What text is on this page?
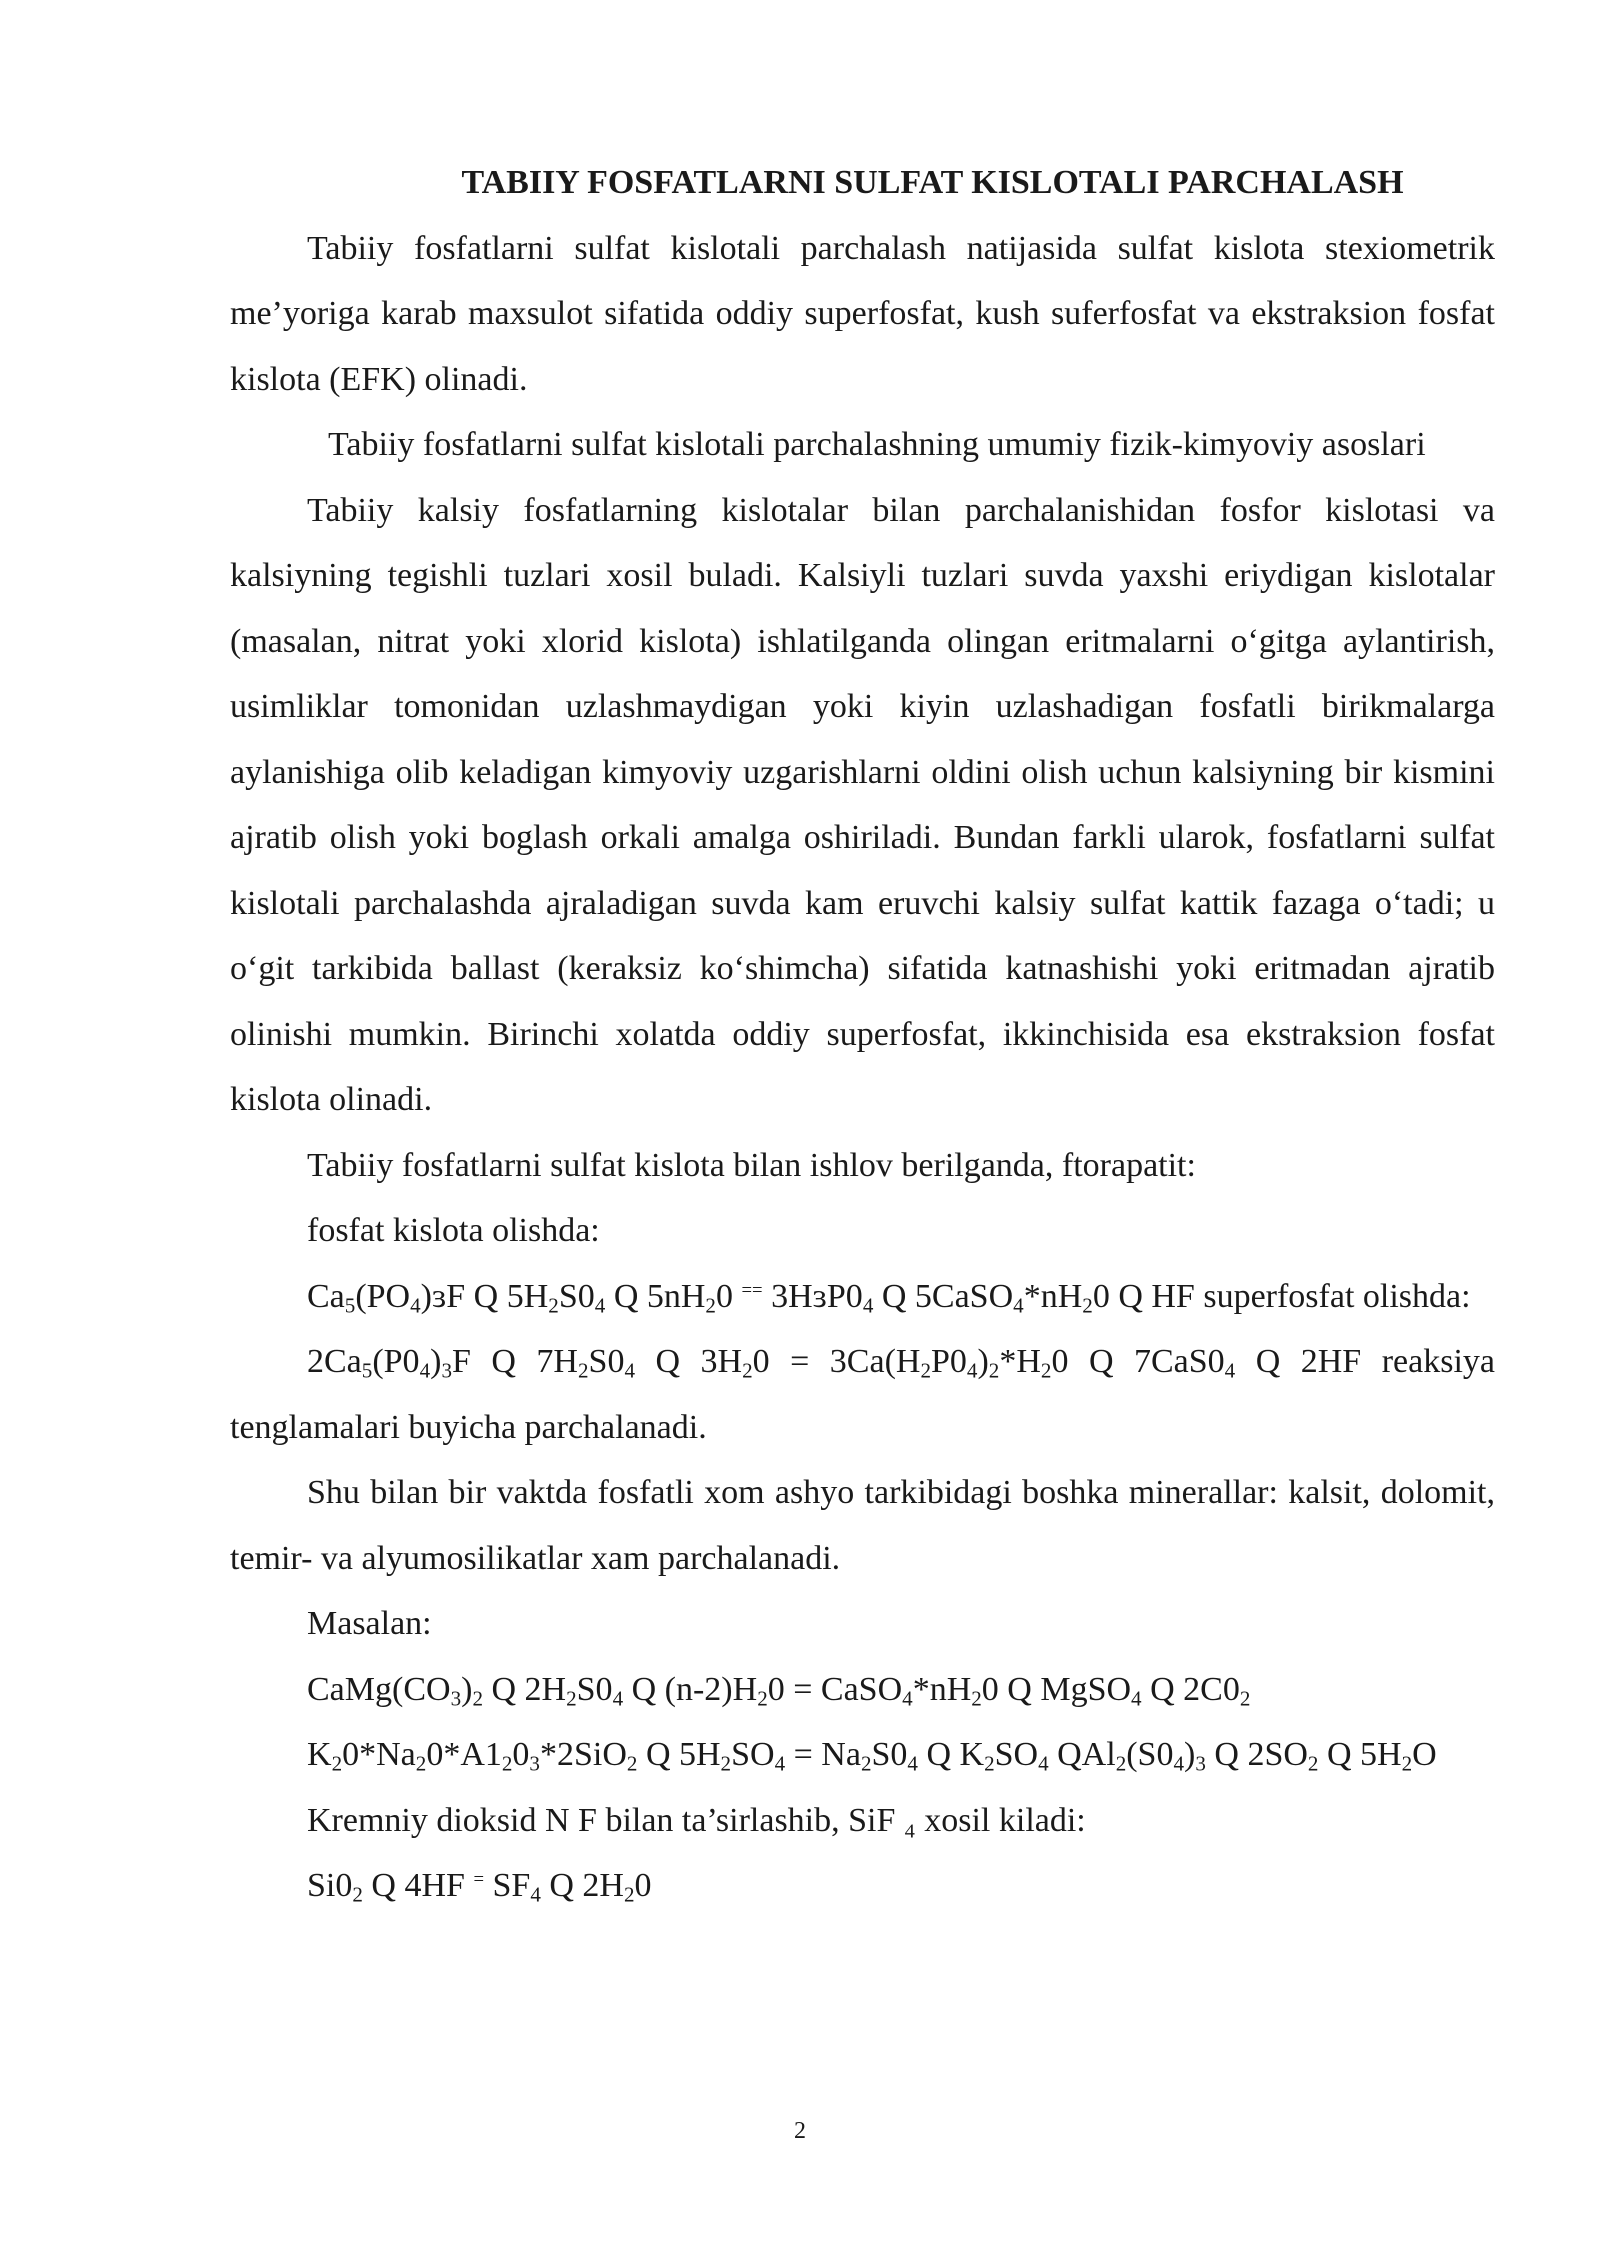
TABIIY FOSFATLARNI SULFAT KISLOTALI PARCHALASH

Tabiiy fosfatlarni sulfat kislotali parchalash natijasida sulfat kislota stexiometrik me’yoriga karab maxsulot sifatida oddiy superfosfat, kush suferfosfat va ekstraksion fosfat kislota (EFK) olinadi.

Tabiiy fosfatlarni sulfat kislotali parchalashning umumiy fizik-kimyoviy asoslari

Tabiiy kalsiy fosfatlarning kislotalar bilan parchalanishidan fosfor kislotasi va kalsiyning tegishli tuzlari xosil buladi. Kalsiyli tuzlari suvda yaxshi eriydigan kislotalar (masalan, nitrat yoki xlorid kislota) ishlatilganda olingan eritmalarni o‘gitga aylantirish, usimliklar tomonidan uzlashmaydigan yoki kiyin uzlashadigan fosfatli birikmalarga aylanishiga olib keladigan kimyoviy uzgarishlarni oldini olish uchun kalsiyning bir kismini ajratib olish yoki boglash orkali amalga oshiriladi. Bundan farkli ularok, fosfatlarni sulfat kislotali parchalashda ajraladigan suvda kam eruvchi kalsiy sulfat kattik fazaga o‘tadi; u o‘git tarkibida ballast (keraksiz ko‘shimcha) sifatida katnashishi yoki eritmadan ajratib olinishi mumkin. Birinchi xolatda oddiy superfosfat, ikkinchisida esa ekstraksion fosfat kislota olinadi.

Tabiiy fosfatlarni sulfat kislota bilan ishlov berilganda, ftorapatit:

fosfat kislota olishda:

$Ca_5(PO_4)ɜF$ Q $5H_2S0_4$ Q $5nH_20$ == $3HɜP0_4$ Q $5CaSO_4*nH_20$ Q HF superfosfat olishda:

$2Ca_5(P0_4)_3F$ Q $7H_2S0_4$ Q $3H_20 = 3Ca(H_2P0_4)_2*H_20$ Q $7CaS0_4$ Q 2HF reaksiya tenglamalari buyicha parchalanadi.

Shu bilan bir vaktda fosfatli xom ashyo tarkibidagi boshka minerallar: kalsit, dolomit, temir- va alyumosilikatlar xam parchalanadi.

Masalan:

$CaMg(CO_3)_2$ Q $2H_2S0_4$ Q $(n-2)H_20$ = $CaSO_4*nH_20$ Q MgSO$_4$ Q $2C0_2$

$K_20*Na_20*A1_20_3*2SiO_2$ Q $5H_2SO_4 = Na_2S0_4$ Q $K_2SO_4$ $QAl_2(S0_4)_3$ Q $2SO_2$ Q $5H_2O$

Kremniy dioksid N F bilan ta’sirlashib, SiF ₄ xosil kiladi:

$Si0_2$ Q 4HF = $SF_4$ Q $2H_20$

2
